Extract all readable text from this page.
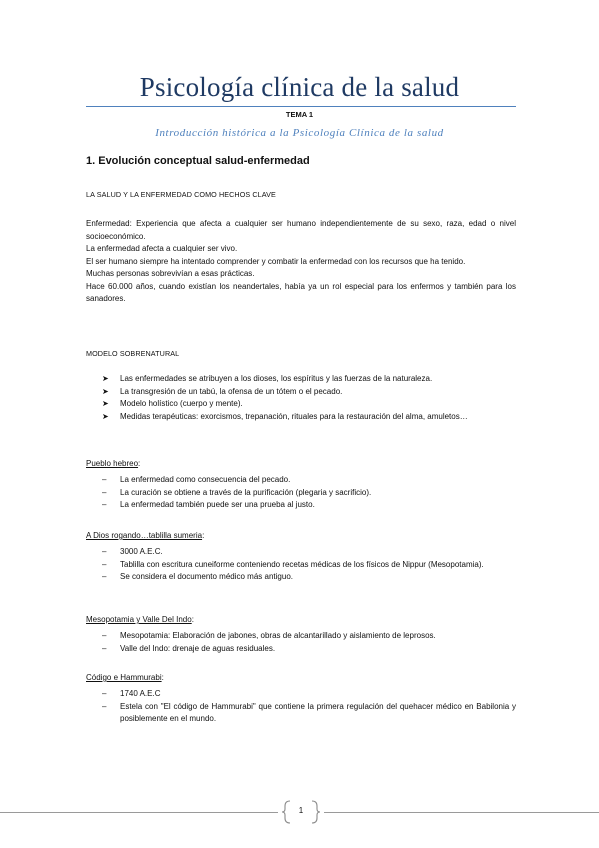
Psicología clínica de la salud
TEMA 1
Introducción histórica a la Psicología Clínica de la salud
1. Evolución conceptual salud-enfermedad
LA SALUD Y LA ENFERMEDAD COMO HECHOS CLAVE

Enfermedad: Experiencia que afecta a cualquier ser humano independientemente de su sexo, raza, edad o nivel socioeconómico.

La enfermedad afecta a cualquier ser vivo.

El ser humano siempre ha intentado comprender y combatir la enfermedad con los recursos que ha tenido.

Muchas personas sobrevivían a esas prácticas.

Hace 60.000 años, cuando existían los neandertales, había ya un rol especial para los enfermos y también para los sanadores.

MODELO SOBRENATURAL
➤	Las enfermedades se atribuyen a los dioses, los espíritus y las fuerzas de la naturaleza.
➤	La transgresión de un tabú, la ofensa de un tótem o el pecado.
➤	Modelo holístico (cuerpo y mente).
➤	Medidas terapéuticas: exorcismos, trepanación, rituales para la restauración del alma, amuletos…
Pueblo hebreo:
–	La enfermedad como consecuencia del pecado.
–	La curación se obtiene a través de la purificación (plegaria y sacrificio).
–	La enfermedad también puede ser una prueba al justo.
A Dios rogando…tablilla sumeria:
–	3000 A.E.C.
–	Tablilla con escritura cuneiforme conteniendo recetas médicas de los físicos de Nippur (Mesopotamia).
–	Se considera el documento médico más antiguo.
Mesopotamia y Valle Del Indo:
–	Mesopotamia: Elaboración de jabones, obras de alcantarillado y aislamiento de leprosos.
–	Valle del Indo: drenaje de aguas residuales.
Código e Hammurabi:
–	1740 A.E.C
–	Estela con "El código de Hammurabi" que contiene la primera regulación del quehacer médico en Babilonia y posiblemente en el mundo.
1
